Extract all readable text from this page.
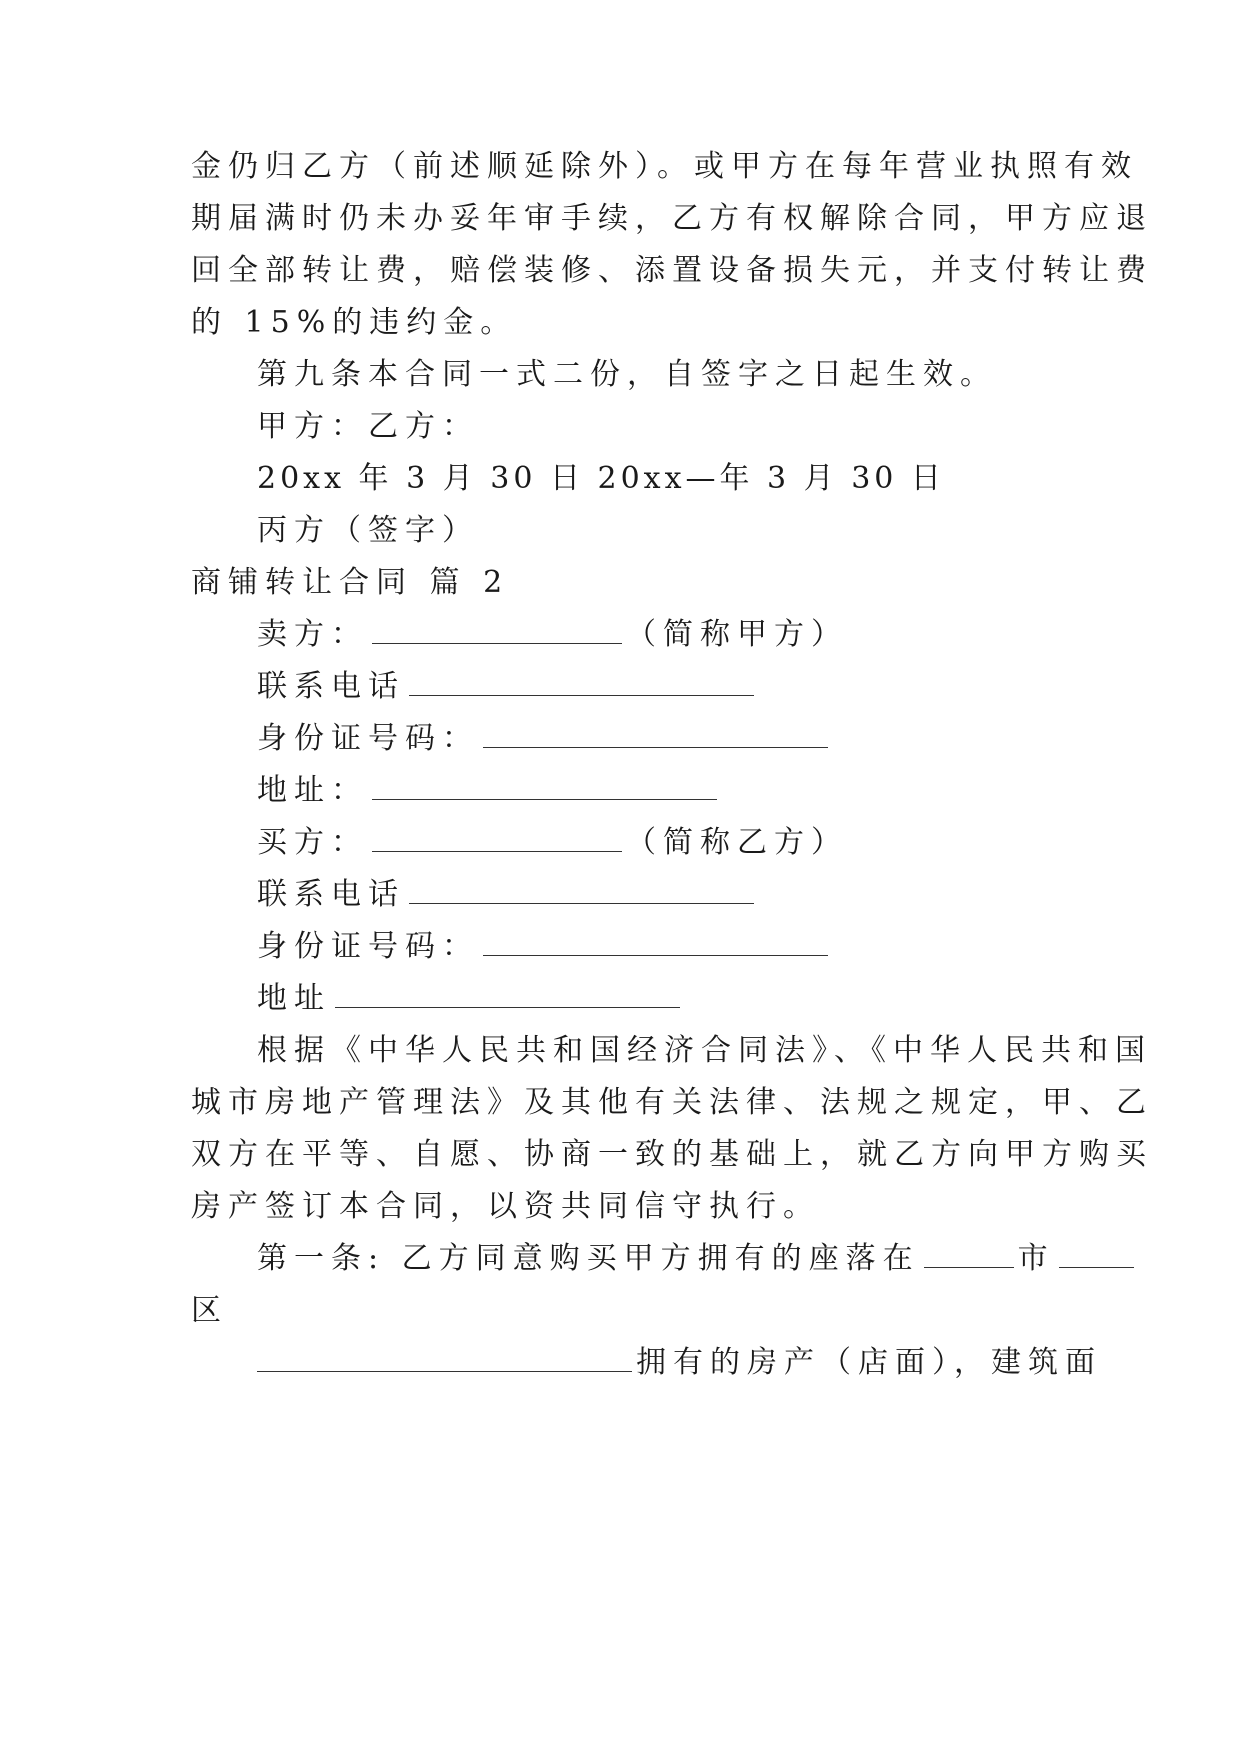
金仍归乙方（前述顺延除外）。或甲方在每年营业执照有效
期届满时仍未办妥年审手续，乙方有权解除合同，甲方应退
回全部转让费，赔偿装修、添置设备损失元，并支付转让费
的 15%的违约金。
第九条本合同一式二份，自签字之日起生效。
甲方：乙方：
20xx 年 3 月 30 日 20xx—年 3 月 30 日
丙方（签字）
商铺转让合同 篇 2
卖方：	（简称甲方）
联系电话
身份证号码：
地址：
买方：	（简称乙方）
联系电话
身份证号码：
地址
根据《中华人民共和国经济合同法》、《中华人民共和国
城市房地产管理法》及其他有关法律、法规之规定，甲、乙
双方在平等、自愿、协商一致的基础上，就乙方向甲方购买
房产签订本合同，以资共同信守执行。
第一条: 乙方同意购买甲方拥有的座落在	市
区
拥有的房产（店面），建筑面
